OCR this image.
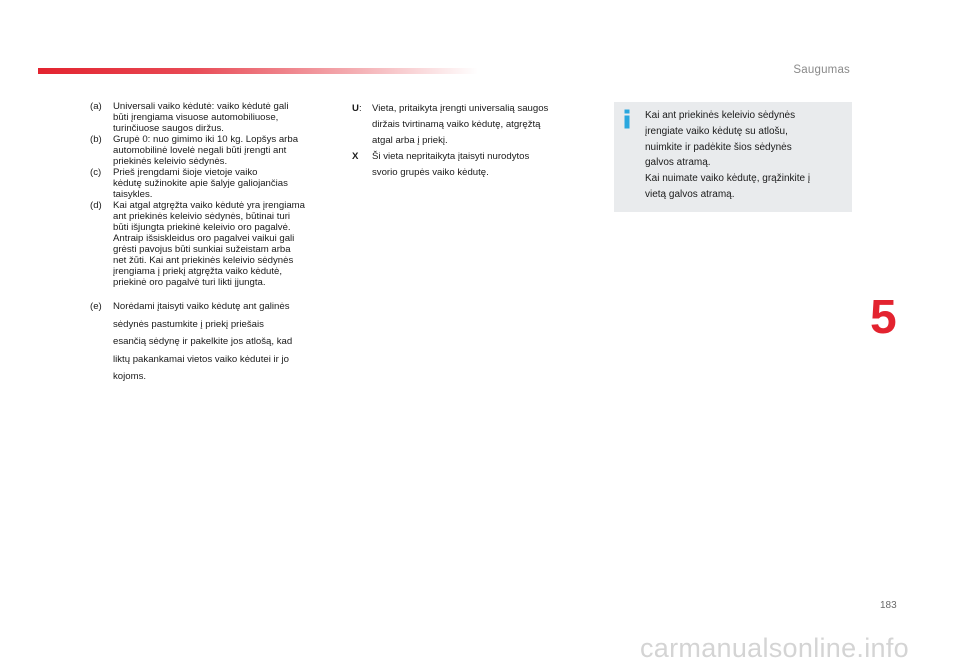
Saugumas
(a)	Universali vaiko kėdutė: vaiko kėdutė gali
būti įrengiama visuose automobiliuose,
turinčiuose saugos diržus.
(b)	Grupė 0: nuo gimimo iki 10 kg. Lopšys arba
automobilinė lovelė negali būti įrengti ant
priekinės keleivio sėdynės.
(c)	Prieš įrengdami šioje vietoje vaiko
kėdutę sužinokite apie šalyje galiojančias
taisykles.
(d)	Kai atgal atgręžta vaiko kėdutė yra įrengiama
ant priekinės keleivio sėdynės, būtinai turi
būti išjungta priekinė keleivio oro pagalvė.
Antraip išsiskleidus oro pagalvei vaikui gali
grėsti pavojus būti sunkiai sužeistam arba
net žūti. Kai ant priekinės keleivio sėdynės
įrengiama į priekį atgręžta vaiko kėdutė,
priekinė oro pagalvė turi likti įjungta.
(e)	Norėdami įtaisyti vaiko kėdutę ant galinės
sėdynės pastumkite į priekį priešais
esančią sėdynę ir pakelkite jos atlošą, kad
liktų pakankamai vietos vaiko kėdutei ir jo
kojoms.
U:	Vieta, pritaikyta įrengti universalią saugos
diržais tvirtinamą vaiko kėdutę, atgręžtą
atgal arba į priekį.
X	Ši vieta nepritaikyta įtaisyti nurodytos
svorio grupės vaiko kėdutę.
Kai ant priekinės keleivio sėdynės
įrengiate vaiko kėdutę su atlošu,
nuimkite ir padėkite šios sėdynės
galvos atramą.
Kai nuimate vaiko kėdutę, grąžinkite į
vietą galvos atramą.
5
183
carmanualsonline.info
